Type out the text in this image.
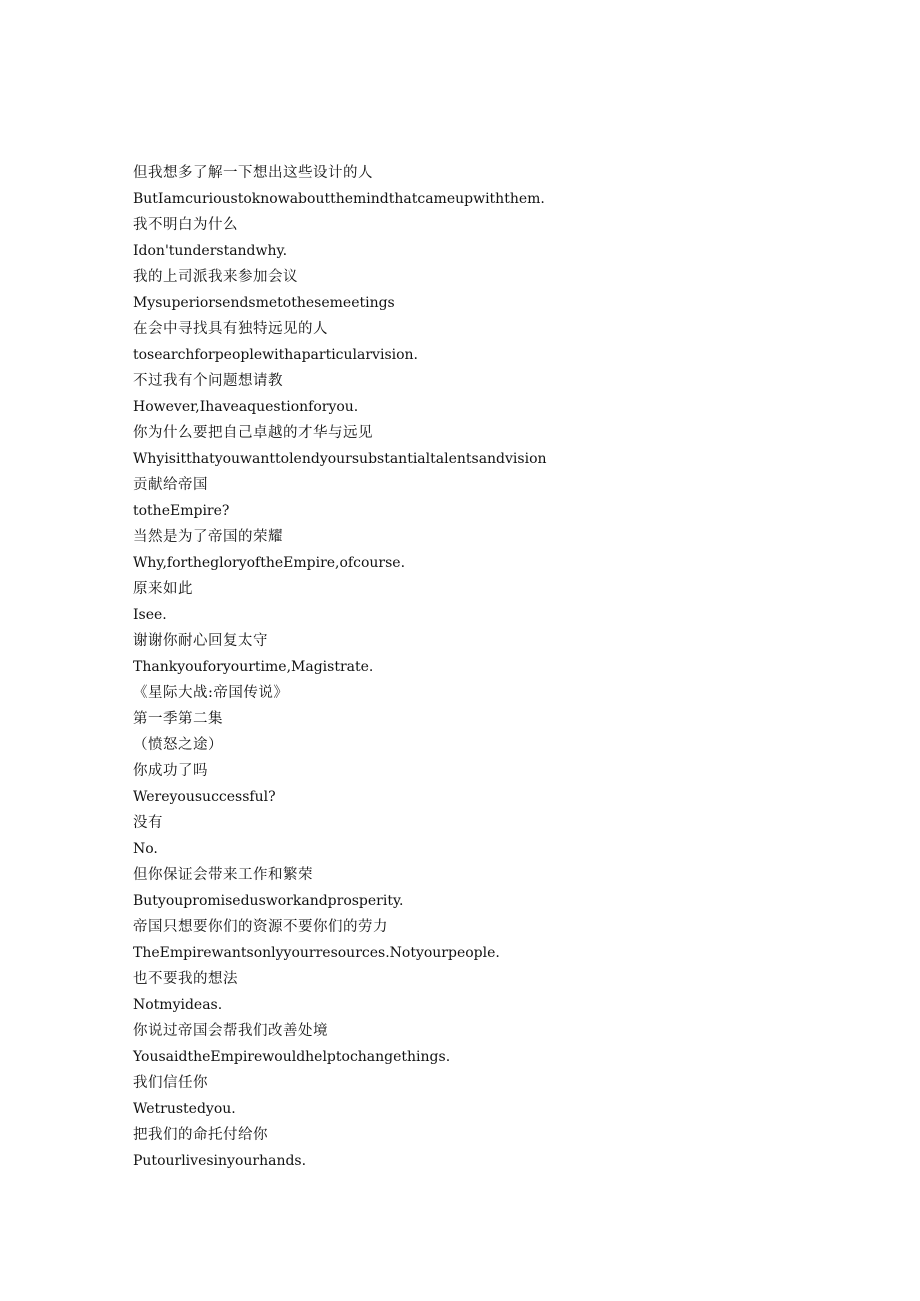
但我想多了解一下想出这些设计的人

ButIamcurioustoknowaboutthemindthatcameupwiththem.

我不明白为什么

Idon'tunderstandwhy.

我的上司派我来参加会议

Mysuperiorsendsmetothesemeetings

在会中寻找具有独特远见的人

tosearchforpeoplewithaparticularvision.

不过我有个问题想请教

However,Ihaveaquestionforyou.

你为什么要把自己卓越的才华与远见

Whyisitthatyouwanttolendyoursubstantialtalentsandvision

贡献给帝国

totheEmpire?

当然是为了帝国的荣耀

Why,forthegloryoftheEmpire,ofcourse.

原来如此

Isee.

谢谢你耐心回复太守

Thankyouforyourtime,Magistrate.

《星际大战:帝国传说》

第一季第二集

（愤怒之途）

你成功了吗

Wereyousuccessful?

没有

No.

但你保证会带来工作和繁荣

Butyoupromisedusworkandprosperity.

帝国只想要你们的资源不要你们的劳力

TheEmpirewantsonlyyourresources.Notyourpeople.

也不要我的想法

Notmyideas.

你说过帝国会帮我们改善处境

YousaidtheEmpirewouldhelptochangethings.

我们信任你

Wetrustedyou.

把我们的命托付给你

Putourlivesinyourhands.
